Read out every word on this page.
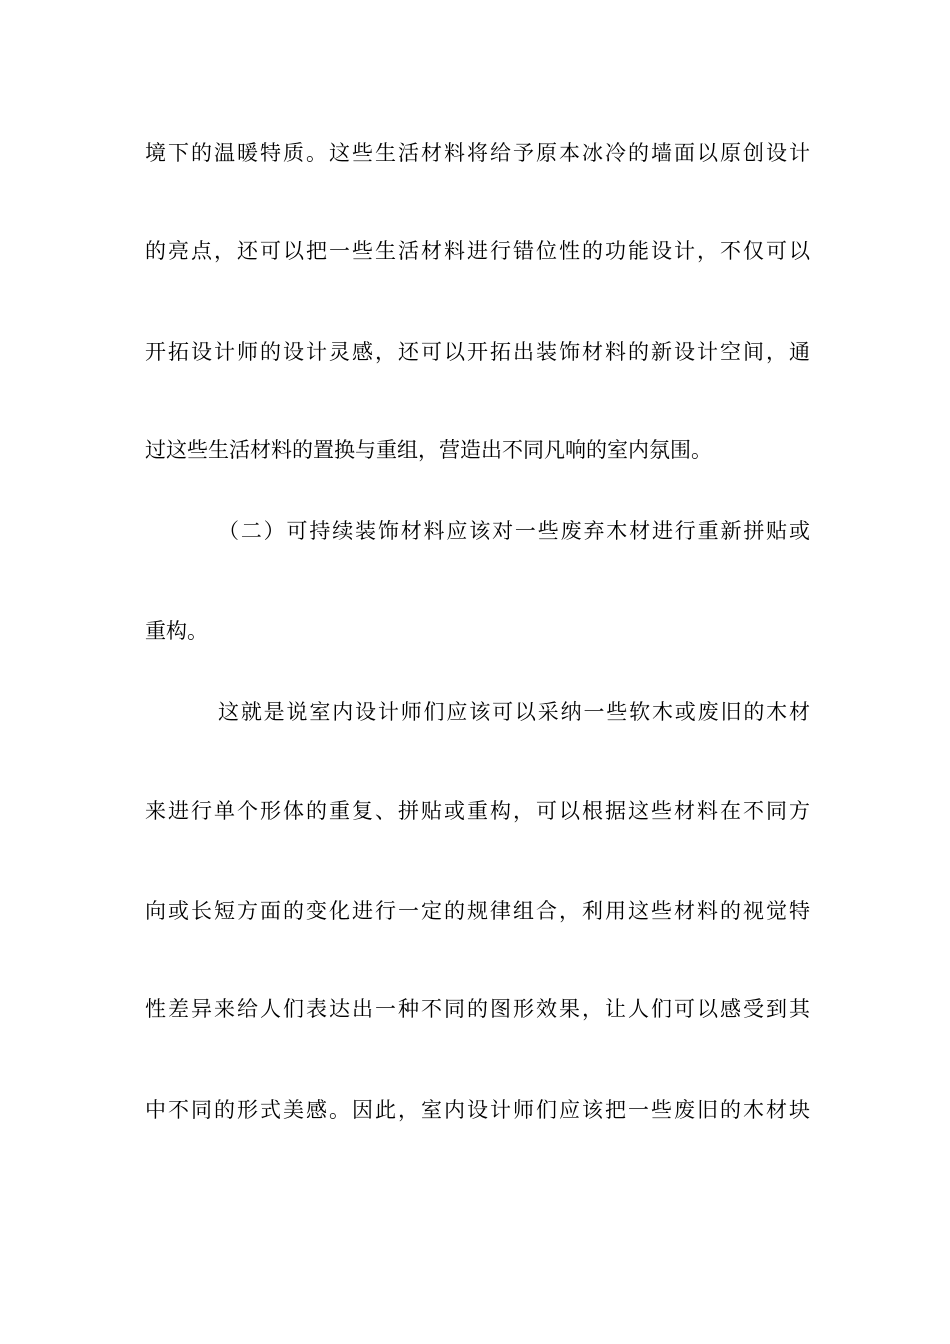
境下的温暖特质。这些生活材料将给予原本冰冷的墙面以原创设计
的亮点，还可以把一些生活材料进行错位性的功能设计，不仅可以
开拓设计师的设计灵感，还可以开拓出装饰材料的新设计空间，通
过这些生活材料的置换与重组，营造出不同凡响的室内氛围。
（二）可持续装饰材料应该对一些废弃木材进行重新拼贴或
重构。
这就是说室内设计师们应该可以采纳一些软木或废旧的木材
来进行单个形体的重复、拼贴或重构，可以根据这些材料在不同方
向或长短方面的变化进行一定的规律组合，利用这些材料的视觉特
性差异来给人们表达出一种不同的图形效果，让人们可以感受到其
中不同的形式美感。因此，室内设计师们应该把一些废旧的木材块
